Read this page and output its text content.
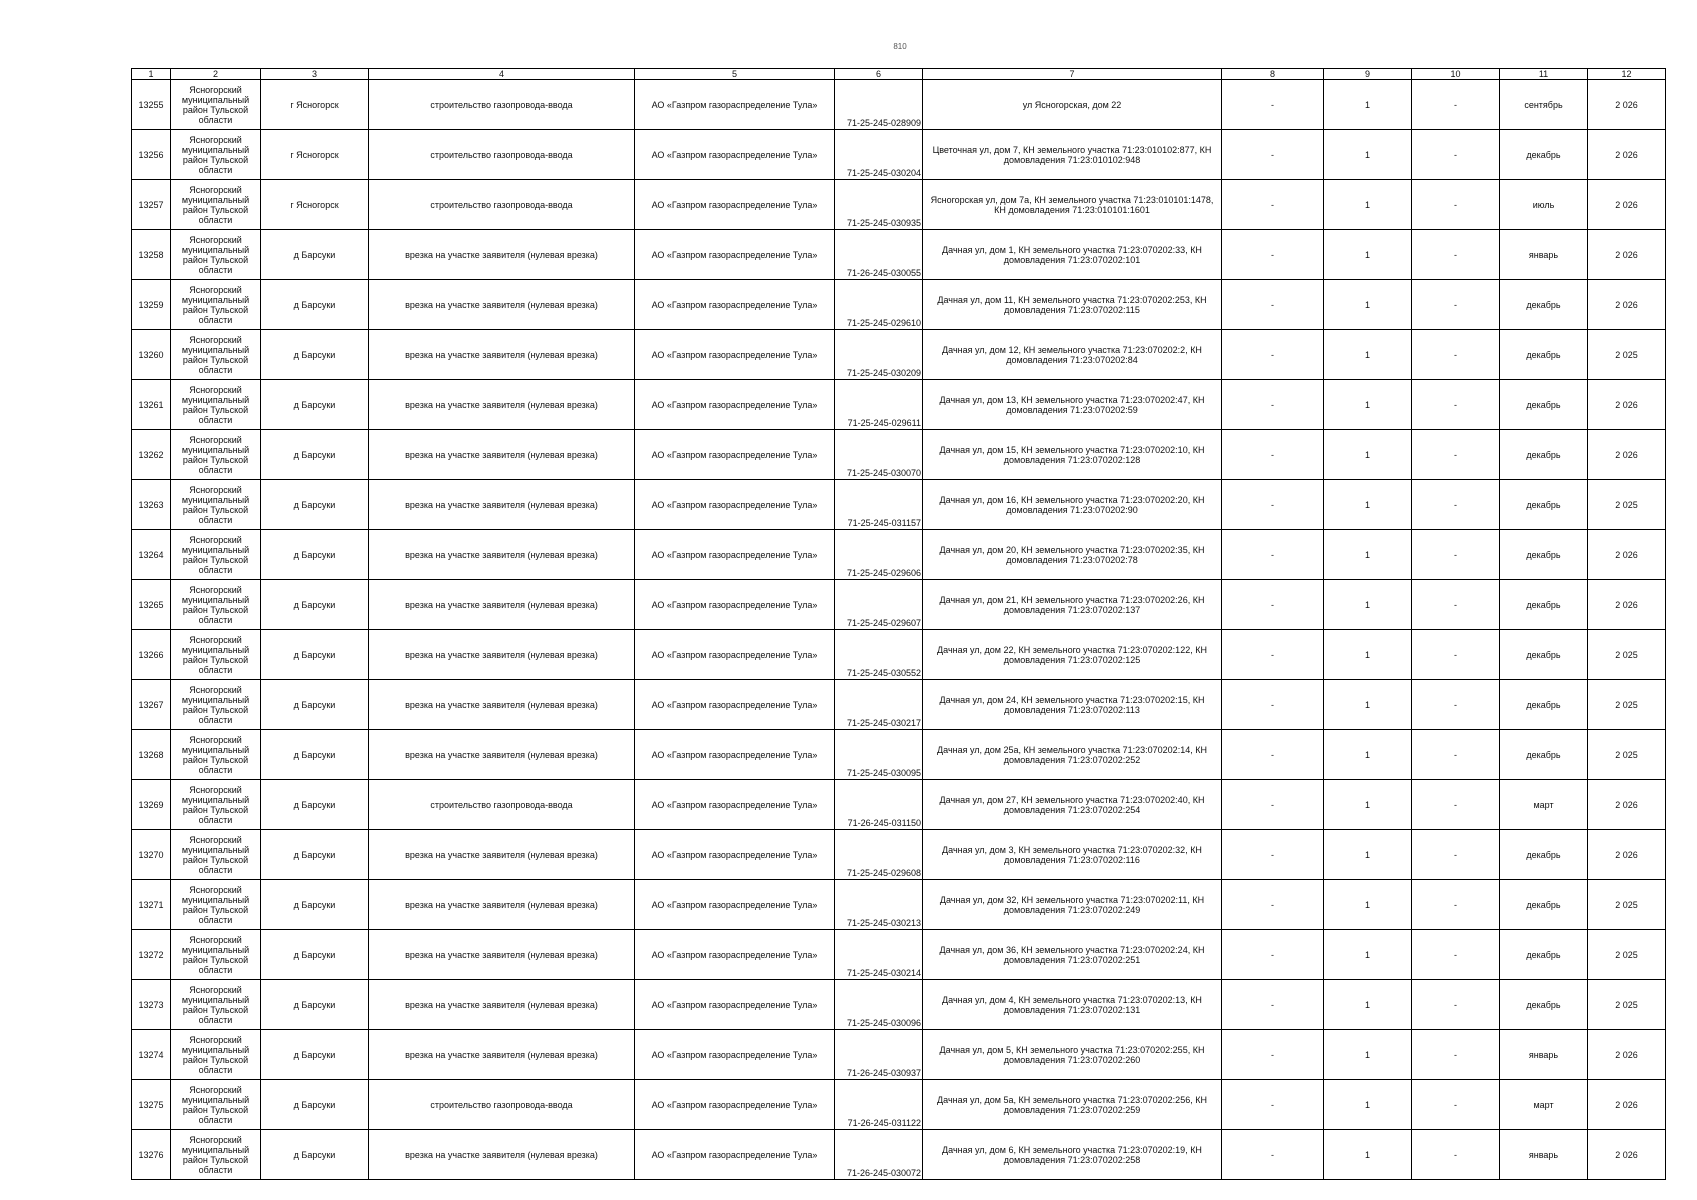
810
1	2	3	4	5	6	7	8	9	10	11	12
13255	Ясногорский муниципальный район Тульской области	г Ясногорск	строительство газопровода-ввода	АО «Газпром газораспределение Тула»	71-25-245-028909	ул Ясногорская, дом 22	-	1	-	сентябрь	2 026
13256	Ясногорский муниципальный район Тульской области	г Ясногорск	строительство газопровода-ввода	АО «Газпром газораспределение Тула»	71-25-245-030204	Цветочная ул, дом 7, КН земельного участка 71:23:010102:877, КН домовладения 71:23:010102:948	-	1	-	декабрь	2 026
13257	Ясногорский муниципальный район Тульской области	г Ясногорск	строительство газопровода-ввода	АО «Газпром газораспределение Тула»	71-25-245-030935	Ясногорская ул, дом 7а, КН земельного участка 71:23:010101:1478, КН домовладения 71:23:010101:1601	-	1	-	июль	2 026
13258	Ясногорский муниципальный район Тульской области	д Барсуки	врезка на участке заявителя (нулевая врезка)	АО «Газпром газораспределение Тула»	71-26-245-030055	Дачная ул, дом 1, КН земельного участка 71:23:070202:33, КН домовладения 71:23:070202:101	-	1	-	январь	2 026
13259	Ясногорский муниципальный район Тульской области	д Барсуки	врезка на участке заявителя (нулевая врезка)	АО «Газпром газораспределение Тула»	71-25-245-029610	Дачная ул, дом 11, КН земельного участка 71:23:070202:253, КН домовладения 71:23:070202:115	-	1	-	декабрь	2 026
13260	Ясногорский муниципальный район Тульской области	д Барсуки	врезка на участке заявителя (нулевая врезка)	АО «Газпром газораспределение Тула»	71-25-245-030209	Дачная ул, дом 12, КН земельного участка 71:23:070202:2, КН домовладения 71:23:070202:84	-	1	-	декабрь	2 025
13261	Ясногорский муниципальный район Тульской области	д Барсуки	врезка на участке заявителя (нулевая врезка)	АО «Газпром газораспределение Тула»	71-25-245-029611	Дачная ул, дом 13, КН земельного участка 71:23:070202:47, КН домовладения 71:23:070202:59	-	1	-	декабрь	2 026
13262	Ясногорский муниципальный район Тульской области	д Барсуки	врезка на участке заявителя (нулевая врезка)	АО «Газпром газораспределение Тула»	71-25-245-030070	Дачная ул, дом 15, КН земельного участка 71:23:070202:10, КН домовладения 71:23:070202:128	-	1	-	декабрь	2 026
13263	Ясногорский муниципальный район Тульской области	д Барсуки	врезка на участке заявителя (нулевая врезка)	АО «Газпром газораспределение Тула»	71-25-245-031157	Дачная ул, дом 16, КН земельного участка 71:23:070202:20, КН домовладения 71:23:070202:90	-	1	-	декабрь	2 025
13264	Ясногорский муниципальный район Тульской области	д Барсуки	врезка на участке заявителя (нулевая врезка)	АО «Газпром газораспределение Тула»	71-25-245-029606	Дачная ул, дом 20, КН земельного участка 71:23:070202:35, КН домовладения 71:23:070202:78	-	1	-	декабрь	2 026
13265	Ясногорский муниципальный район Тульской области	д Барсуки	врезка на участке заявителя (нулевая врезка)	АО «Газпром газораспределение Тула»	71-25-245-029607	Дачная ул, дом 21, КН земельного участка 71:23:070202:26, КН домовладения 71:23:070202:137	-	1	-	декабрь	2 026
13266	Ясногорский муниципальный район Тульской области	д Барсуки	врезка на участке заявителя (нулевая врезка)	АО «Газпром газораспределение Тула»	71-25-245-030552	Дачная ул, дом 22, КН земельного участка 71:23:070202:122, КН домовладения 71:23:070202:125	-	1	-	декабрь	2 025
13267	Ясногорский муниципальный район Тульской области	д Барсуки	врезка на участке заявителя (нулевая врезка)	АО «Газпром газораспределение Тула»	71-25-245-030217	Дачная ул, дом 24, КН земельного участка 71:23:070202:15, КН домовладения 71:23:070202:113	-	1	-	декабрь	2 025
13268	Ясногорский муниципальный район Тульской области	д Барсуки	врезка на участке заявителя (нулевая врезка)	АО «Газпром газораспределение Тула»	71-25-245-030095	Дачная ул, дом 25а, КН земельного участка 71:23:070202:14, КН домовладения 71:23:070202:252	-	1	-	декабрь	2 025
13269	Ясногорский муниципальный район Тульской области	д Барсуки	строительство газопровода-ввода	АО «Газпром газораспределение Тула»	71-26-245-031150	Дачная ул, дом 27, КН земельного участка 71:23:070202:40, КН домовладения 71:23:070202:254	-	1	-	март	2 026
13270	Ясногорский муниципальный район Тульской области	д Барсуки	врезка на участке заявителя (нулевая врезка)	АО «Газпром газораспределение Тула»	71-25-245-029608	Дачная ул, дом 3, КН земельного участка 71:23:070202:32, КН домовладения 71:23:070202:116	-	1	-	декабрь	2 026
13271	Ясногорский муниципальный район Тульской области	д Барсуки	врезка на участке заявителя (нулевая врезка)	АО «Газпром газораспределение Тула»	71-25-245-030213	Дачная ул, дом 32, КН земельного участка 71:23:070202:11, КН домовладения 71:23:070202:249	-	1	-	декабрь	2 025
13272	Ясногорский муниципальный район Тульской области	д Барсуки	врезка на участке заявителя (нулевая врезка)	АО «Газпром газораспределение Тула»	71-25-245-030214	Дачная ул, дом 36, КН земельного участка 71:23:070202:24, КН домовладения 71:23:070202:251	-	1	-	декабрь	2 025
13273	Ясногорский муниципальный район Тульской области	д Барсуки	врезка на участке заявителя (нулевая врезка)	АО «Газпром газораспределение Тула»	71-25-245-030096	Дачная ул, дом 4, КН земельного участка 71:23:070202:13, КН домовладения 71:23:070202:131	-	1	-	декабрь	2 025
13274	Ясногорский муниципальный район Тульской области	д Барсуки	врезка на участке заявителя (нулевая врезка)	АО «Газпром газораспределение Тула»	71-26-245-030937	Дачная ул, дом 5, КН земельного участка 71:23:070202:255, КН домовладения 71:23:070202:260	-	1	-	январь	2 026
13275	Ясногорский муниципальный район Тульской области	д Барсуки	строительство газопровода-ввода	АО «Газпром газораспределение Тула»	71-26-245-031122	Дачная ул, дом 5а, КН земельного участка 71:23:070202:256, КН домовладения 71:23:070202:259	-	1	-	март	2 026
13276	Ясногорский муниципальный район Тульской области	д Барсуки	врезка на участке заявителя (нулевая врезка)	АО «Газпром газораспределение Тула»	71-26-245-030072	Дачная ул, дом 6, КН земельного участка 71:23:070202:19, КН домовладения 71:23:070202:258	-	1	-	январь	2 026
